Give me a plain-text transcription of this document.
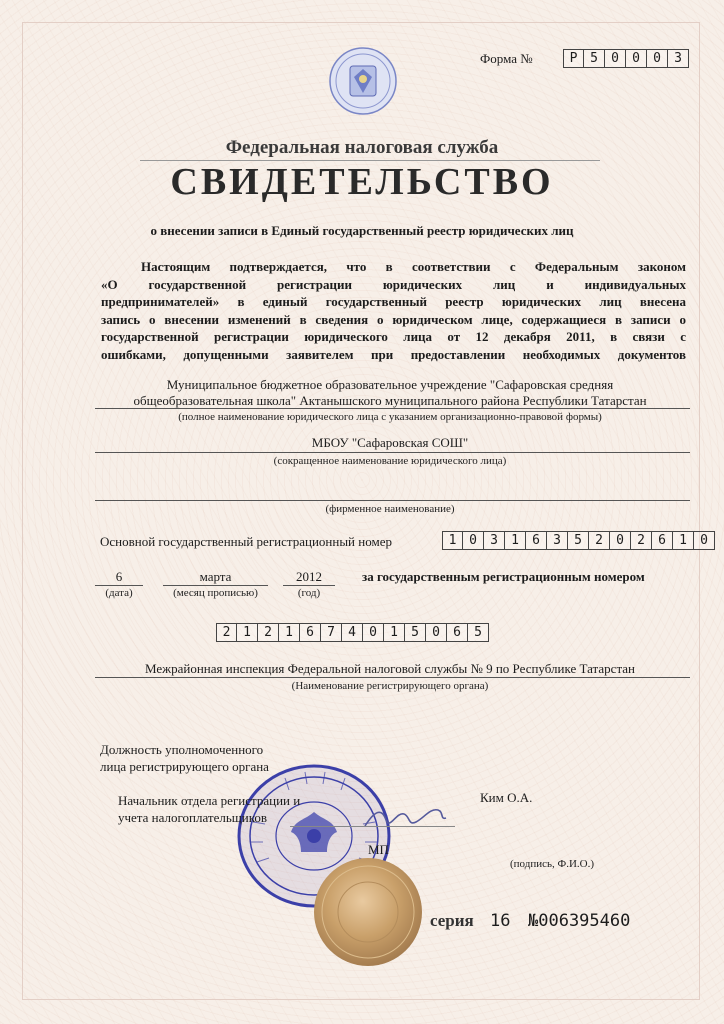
Форма №	Р 5	0	0	0	3
Федеральная налоговая служба
СВИДЕТЕЛЬСТВО
о внесении записи в Единый государственный реестр юридических лиц
Настоящим подтверждается, что в соответствии с Федеральным законом
«О государственной регистрации юридических лиц и индивидуальных
предпринимателей» в единый государственный реестр юридических лиц внесена
запись о внесении изменений в сведения о юридическом лице, содержащиеся в записи о
государственной регистрации юридического лица от 12 декабря 2011, в связи с
ошибками, допущенными заявителем при предоставлении необходимых документов
Муниципальное бюджетное образовательное учреждение "Сафаровская средняя
общеобразовательная школа" Актанышского муниципального района Республики Татарстан
(полное наименование юридического лица с указанием организационно-правовой формы)
МБОУ "Сафаровская СОШ"
(сокращенное наименование юридического лица)
(фирменное наименование)
Основной государственный регистрационный номер	1 0	3	1	6	3	5	2	0	2	6	1	0
6
(дата)
марта
(месяц прописью)
2012
(год)
за государственным регистрационным номером
2 1	2	1	6	7	4	0	1	5	0	6	5
Межрайонная инспекция Федеральной налоговой службы № 9 по Республике Татарстан
(Наименование регистрирующего органа)
Должность уполномоченного
лица регистрирующего органа
Начальник отдела регистрации и
учета налогоплательщиков
Ким О.А.
МП
(подпись, Ф.И.О.)
серия 16 №006395460
